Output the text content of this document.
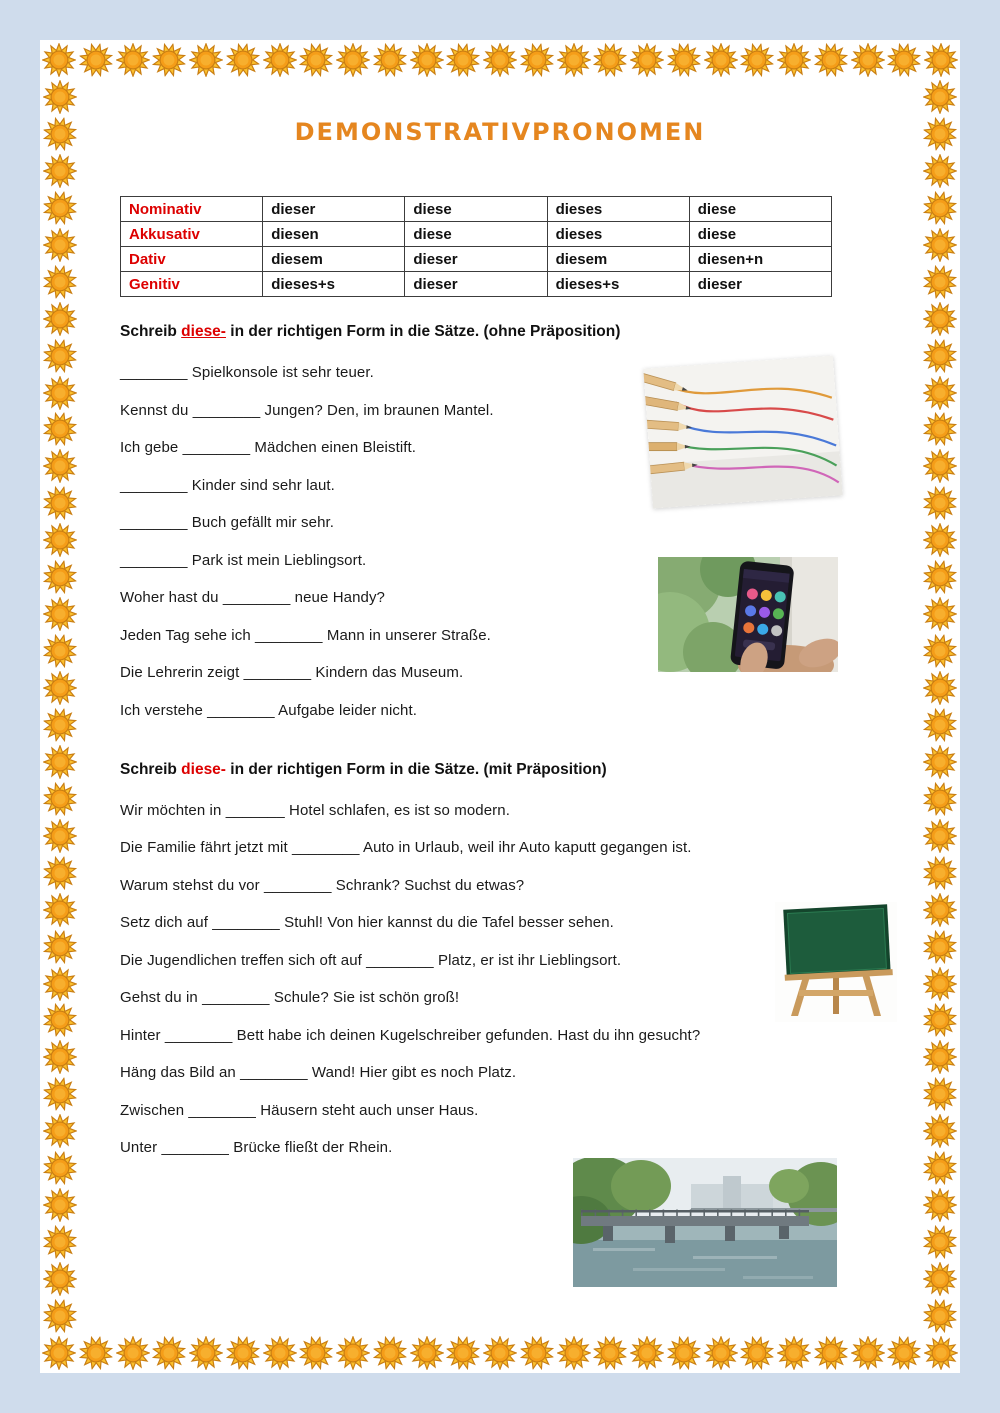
DEMONSTRATIVPRONOMEN
Nominativ	dieser	diese	dieses	diese
Akkusativ	diesen	diese	dieses	diese
Dativ	diesem	dieser	diesem	diesen+n
Genitiv	dieses+s	dieser	dieses+s	dieser

Schreib diese- in der richtigen Form in die Sätze. (ohne Präposition)

________ Spielkonsole ist sehr teuer.

Kennst du ________ Jungen? Den, im braunen Mantel.

Ich gebe ________ Mädchen einen Bleistift.

________ Kinder sind sehr laut.

________ Buch gefällt mir sehr.

________ Park ist mein Lieblingsort.

Woher hast du ________ neue Handy?

Jeden Tag sehe ich ________ Mann in unserer Straße.

Die Lehrerin zeigt ________ Kindern das Museum.

Ich verstehe ________ Aufgabe leider nicht.

Schreib diese- in der richtigen Form in die Sätze. (mit Präposition)

Wir möchten in _______ Hotel schlafen, es ist so modern.

Die Familie fährt jetzt mit ________ Auto in Urlaub, weil ihr Auto kaputt gegangen ist.

Warum stehst du vor ________ Schrank? Suchst du etwas?

Setz dich auf ________ Stuhl! Von hier kannst du die Tafel besser sehen.

Die Jugendlichen treffen sich oft auf ________ Platz, er ist ihr Lieblingsort.

Gehst du in ________ Schule? Sie ist schön groß!

Hinter ________ Bett habe ich deinen Kugelschreiber gefunden. Hast du ihn gesucht?

Häng das Bild an ________ Wand! Hier gibt es noch Platz.

Zwischen ________ Häusern steht auch unser Haus.

Unter ________ Brücke fließt der Rhein.
